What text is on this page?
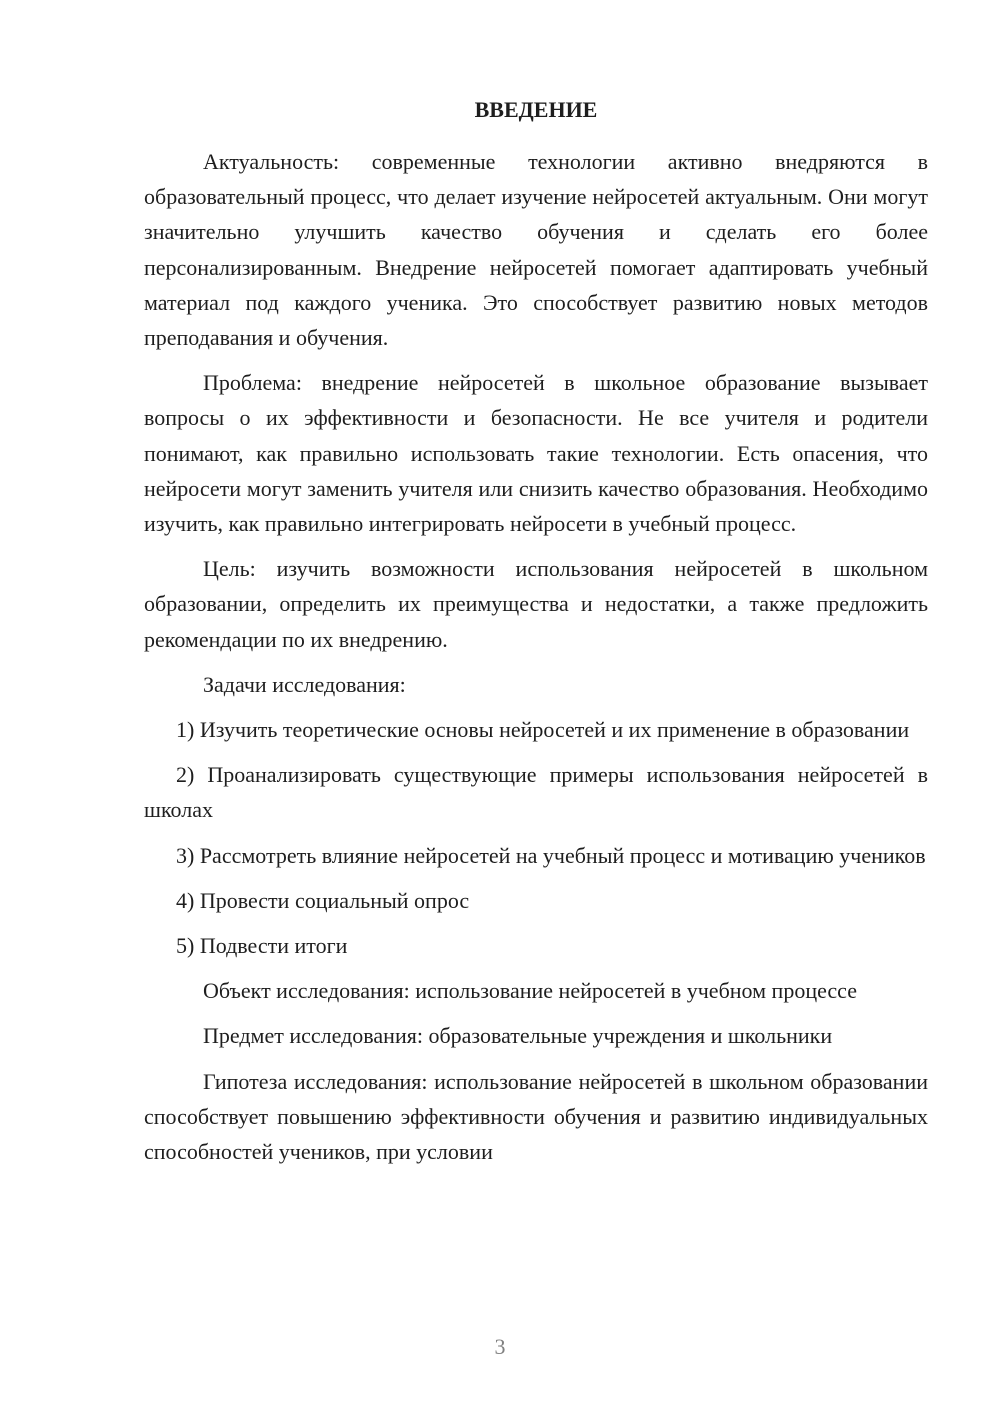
ВВЕДЕНИЕ

Актуальность: современные технологии активно внедряются в образовательный процесс, что делает изучение нейросетей актуальным. Они могут значительно улучшить качество обучения и сделать его более персонализированным. Внедрение нейросетей помогает адаптировать учебный материал под каждого ученика. Это способствует развитию новых методов преподавания и обучения.

Проблема: внедрение нейросетей в школьное образование вызывает вопросы о их эффективности и безопасности. Не все учителя и родители понимают, как правильно использовать такие технологии. Есть опасения, что нейросети могут заменить учителя или снизить качество образования. Необходимо изучить, как правильно интегрировать нейросети в учебный процесс.

Цель: изучить возможности использования нейросетей в школьном образовании, определить их преимущества и недостатки, а также предложить рекомендации по их внедрению.

Задачи исследования:

1) Изучить теоретические основы нейросетей и их применение в образовании

2) Проанализировать существующие примеры использования нейросетей в школах

3) Рассмотреть влияние нейросетей на учебный процесс и мотивацию учеников

4) Провести социальный опрос

5) Подвести итоги

Объект исследования: использование нейросетей в учебном процессе

Предмет исследования: образовательные учреждения и школьники

Гипотеза исследования: использование нейросетей в школьном образовании способствует повышению эффективности обучения и развитию индивидуальных способностей учеников, при условии

3
